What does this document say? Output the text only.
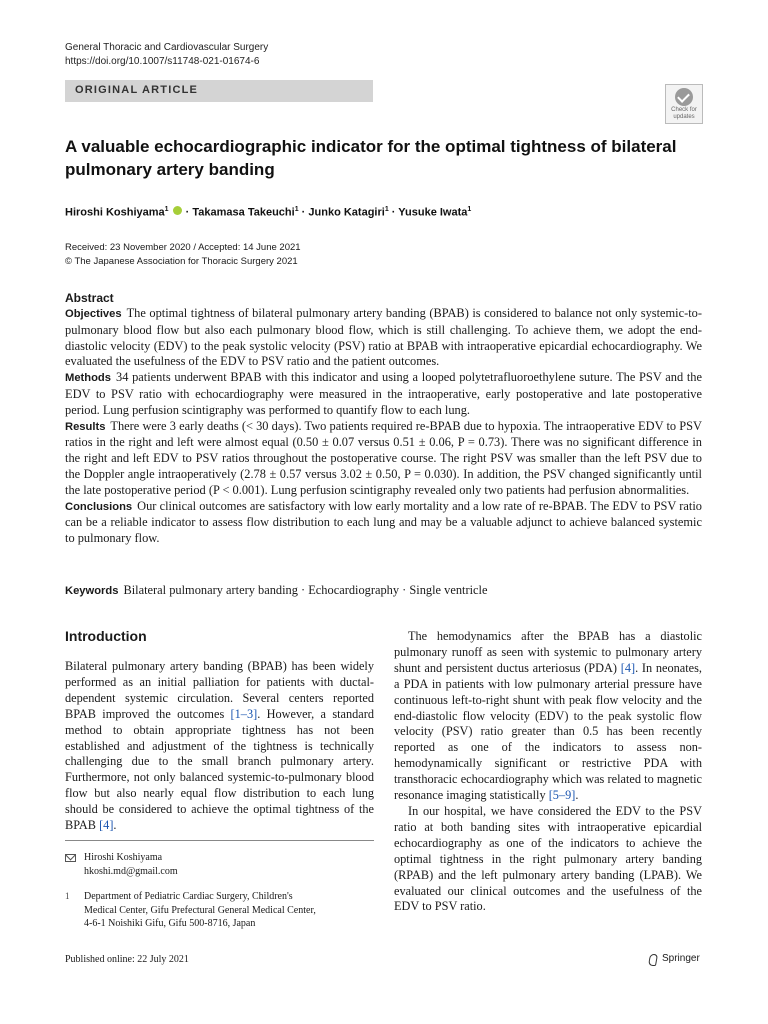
General Thoracic and Cardiovascular Surgery
https://doi.org/10.1007/s11748-021-01674-6
ORIGINAL ARTICLE
Check for updates
A valuable echocardiographic indicator for the optimal tightness of bilateral pulmonary artery banding
Hiroshi Koshiyama$^1$  · Takamasa Takeuchi$^1$ · Junko Katagiri$^1$ · Yusuke Iwata$^1$
Received: 23 November 2020 / Accepted: 14 June 2021
© The Japanese Association for Thoracic Surgery 2021
Abstract

Objectives The optimal tightness of bilateral pulmonary artery banding (BPAB) is considered to balance not only systemic-to-pulmonary blood flow but also each pulmonary blood flow, which is still challenging. To achieve them, we adopt the end-diastolic velocity (EDV) to the peak systolic velocity (PSV) ratio at BPAB with intraoperative epicardial echocardiography. We evaluated the usefulness of the EDV to PSV ratio and the patient outcomes.

Methods 34 patients underwent BPAB with this indicator and using a looped polytetrafluoroethylene suture. The PSV and the EDV to PSV ratio with echocardiography were measured in the intraoperative, early postoperative and late postoperative period. Lung perfusion scintigraphy was performed to quantify flow to each lung.

Results There were 3 early deaths (< 30 days). Two patients required re-BPAB due to hypoxia. The intraoperative EDV to PSV ratios in the right and left were almost equal (0.50 ± 0.07 versus 0.51 ± 0.06, P = 0.73). There was no significant difference in the right and left EDV to PSV ratios throughout the postoperative course. The right PSV was smaller than the left PSV due to the Doppler angle intraoperatively (2.78 ± 0.57 versus 3.02 ± 0.50, P = 0.030). In addition, the PSV changed significantly until the late postoperative period (P < 0.001). Lung perfusion scintigraphy revealed only two patients had perfusion abnormalities.

Conclusions Our clinical outcomes are satisfactory with low early mortality and a low rate of re-BPAB. The EDV to PSV ratio can be a reliable indicator to assess flow distribution to each lung and may be a valuable adjunct to achieve balanced systemic to pulmonary flow.

Keywords Bilateral pulmonary artery banding · Echocardiography · Single ventricle
Introduction

Bilateral pulmonary artery banding (BPAB) has been widely performed as an initial palliation for patients with ductal-dependent systemic circulation. Several centers reported BPAB improved the outcomes [1–3]. However, a standard method to obtain appropriate tightness has not been established and adjustment of the tightness is technically challenging due to the small branch pulmonary artery. Furthermore, not only balanced systemic-to-pulmonary blood flow but also nearly equal flow distribution to each lung should be considered to achieve the optimal tightness of the BPAB [4].

The hemodynamics after the BPAB has a diastolic pulmonary runoff as seen with systemic to pulmonary artery shunt and persistent ductus arteriosus (PDA) [4]. In neonates, a PDA in patients with low pulmonary arterial pressure have continuous left-to-right shunt with peak flow velocity and the end-diastolic flow velocity (EDV) to the peak systolic flow velocity (PSV) ratio greater than 0.5 has been recently reported as one of the indicators to assess non-hemodynamically significant or restrictive PDA with transthoracic echocardiography which was related to magnetic resonance imaging statistically [5–9].

In our hospital, we have considered the EDV to the PSV ratio at both banding sites with intraoperative epicardial echocardiography as one of the indicators to achieve the optimal tightness in the right pulmonary artery banding (RPAB) and the left pulmonary artery banding (LPAB). We evaluated our clinical outcomes and the usefulness of the EDV to PSV ratio.

Hiroshi Koshiyama
hkoshi.md@gmail.com
1	Department of Pediatric Cardiac Surgery, Children's
Medical Center, Gifu Prefectural General Medical Center,
4-6-1 Noishiki Gifu, Gifu 500-8716, Japan
Published online: 22 July 2021	Springer
